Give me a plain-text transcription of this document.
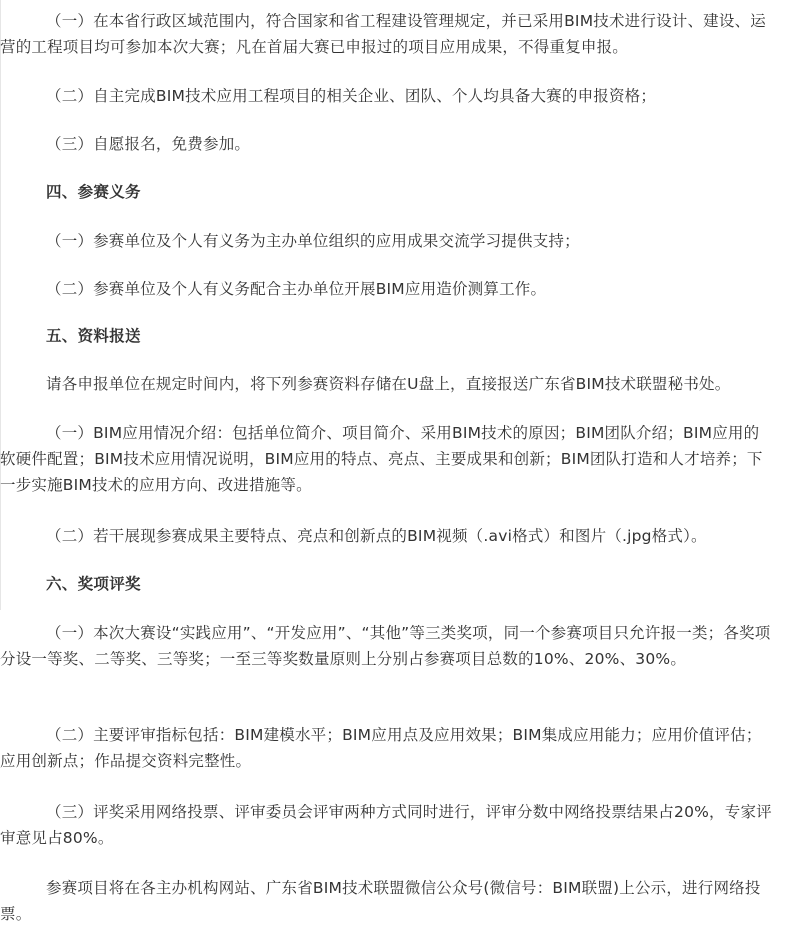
（一）在本省行政区域范围内，符合国家和省工程建设管理规定，并已采用BIM技术进行设计、建设、运营的工程项目均可参加本次大赛；凡在首届大赛已申报过的项目应用成果，不得重复申报。

（二）自主完成BIM技术应用工程项目的相关企业、团队、个人均具备大赛的申报资格；

（三）自愿报名，免费参加。

四、参赛义务

（一）参赛单位及个人有义务为主办单位组织的应用成果交流学习提供支持；

（二）参赛单位及个人有义务配合主办单位开展BIM应用造价测算工作。

五、资料报送

请各申报单位在规定时间内，将下列参赛资料存储在U盘上，直接报送广东省BIM技术联盟秘书处。

（一）BIM应用情况介绍：包括单位简介、项目简介、采用BIM技术的原因；BIM团队介绍；BIM应用的软硬件配置；BIM技术应用情况说明，BIM应用的特点、亮点、主要成果和创新；BIM团队打造和人才培养；下一步实施BIM技术的应用方向、改进措施等。

（二）若干展现参赛成果主要特点、亮点和创新点的BIM视频（.avi格式）和图片（.jpg格式）。

六、奖项评奖

（一）本次大赛设“实践应用”、“开发应用”、“其他”等三类奖项，同一个参赛项目只允许报一类；各奖项分设一等奖、二等奖、三等奖；一至三等奖数量原则上分别占参赛项目总数的10%、20%、30%。

（二）主要评审指标包括：BIM建模水平；BIM应用点及应用效果；BIM集成应用能力；应用价值评估；应用创新点；作品提交资料完整性。

（三）评奖采用网络投票、评审委员会评审两种方式同时进行，评审分数中网络投票结果占20%，专家评审意见占80%。

参赛项目将在各主办机构网站、广东省BIM技术联盟微信公众号(微信号：BIM联盟)上公示，进行网络投票。
